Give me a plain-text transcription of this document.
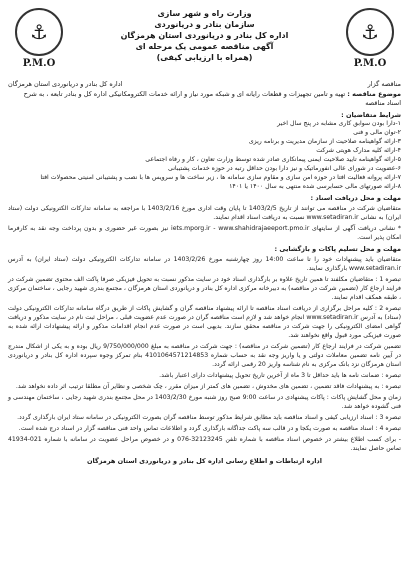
⚓
P.M.O
⚓
P.M.O
وزارت راه و شهر سازی
سازمان بنادر و دریانوردی
اداره کل بنادر و دریانوردی استان هرمزگان
آگهی مناقصه عمومی یک مرحله ای
(همراه با ارزیابی کیفی)
مناقصه گزار
اداره کل بنادر و دریانوردی استان هرمزگان
موضوع مناقصه : تهیه و تامین تجهیزات و قطعات رایانه ای و شبکه مورد نیاز و ارائه خدمات الکترومکانیکی اداره کل و بنادر تابعه ، به شرح اسناد مناقصه
شرایط متقاضیان :
۱-دارا بودن سوابق کاری مشابه در پنج سال اخیر
۲-توان مالی و فنی
۳-ارائه گواهینامه صلاحیت از سازمان مدیریت و برنامه ریزی
۴-ارائه کلیه مدارک هویتی شرکت
۵-ارائه گواهینامه تایید صلاحیت ایمنی پیمانکاری صادر شده توسط وزارت تعاون ، کار و رفاه اجتماعی
۶-عضویت در شورای عالی انفورماتیک و نیز دارا بودن حداقل رتبه در حوزه خدمات پشتیبانی
۷-ارائه پروانه فعالیت افتا در حوزه امن سازی و مقاوم سازی سامانه ها ، زیر ساخت ها و سرویس ها با نصب و پشتیبانی امنیتی محصولات افتا
۸-ارائه صورتهای مالی حسابرسی شده منتهی به سال ۱۴۰۰ یا ۱۴۰۱
مهلت و محل دریافت اسناد :
متقاضیان شرکت در مناقصه می توانند از تاریخ 1403/2/5 تا پایان وقت اداری مورخ 1403/2/16 با مراجعه به سامانه تدارکات الکترونیکی دولت (ستاد ایران) به نشانی www.setadiran.ir نسبت به دریافت اسناد اقدام نمایند.
* نشانی دریافت آگهی از سایتهای iets.mporg.ir - www.shahidrajaeeport.pmo.ir نیز بصورت غیر حضوری و بدون پرداخت وجه نقد به کارفرما امکان پذیر است.
مهلت و محل تسلیم پاکات و بازگشایی :
متقاضیان باید پیشنهادات خود را تا ساعت 14:00 روز چهارشنبه مورخ 1403/2/26 در سامانه تدارکات الکترونیکی دولت (ستاد ایران) به آدرس www.setadiran.ir بارگذاری نمایند.
تبصره 1 : متقاضیان مکلفند تا همین تاریخ علاوه بر بارگذاری اسناد خود در سایت مذکور نسبت به تحویل فیزیکی صرفا پاکت الف محتوی تضمین شرکت در فرایند ارجاع کار (تضمین شرکت در مناقصه) به دبیرخانه مرکزی اداره کل بنادر و دریانوردی استان هرمزگان ، مجتمع بندری شهید رجایی ، ساختمان مرکزی ، طبقه همکف اقدام نمایند.
تبصره 2 : کلیه مراحل برگزاری از دریافت اسناد مناقصه تا ارائه پیشنهاد مناقصه گران و گشایش پاکات از طریق درگاه سامانه تدارکات الکترونیکی دولت (ستاد) به آدرس www.setadiran.ir انجام خواهد شد و لازم است مناقصه گران در صورت عدم عضویت قبلی ، مراحل ثبت نام در سایت مذکور و دریافت گواهی امضای الکترونیکی را جهت شرکت در مناقصه محقق سازند. بدیهی است در صورت عدم انجام اقدامات مذکور و ارائه پیشنهادات ارائه شده به صورت فیزیکی مورد قبول واقع نخواهند شد.
تضمین شرکت در فرایند ارجاع کار (تضمین شرکت در مناقصه) : جهت شرکت در مناقصه به مبلغ 9/750/000/000 ریال بوده و به یکی از اشکال مندرج در آیین نامه تضمین معاملات دولتی و یا واریز وجه نقد به حساب شماره 4101064571214853 بنام تمرکز وجوه سپرده اداره کل بنادر و دریانوردی استان هرمزگان نزد بانک مرکزی به نام شناسه واریز 20 رقمی ارائه گردد.
تبصره : ضمانت نامه ها باید حداقل تا 3 ماه از آخرین تاریخ تحویل پیشنهادات دارای اعتبار باشد.
تبصره : به پیشنهادات فاقد تضمین ، تضمین های مخدوش ، تضمین های کمتر از میزان مقرر ، چک شخصی و نظایر آن مطلقا ترتیب اثر داده نخواهد شد.
زمان و محل گشایش پاکات : پاکات پیشنهادی در ساعت 9:00 صبح روز شنبه مورخ 1403/2/30 در محل مجتمع بندری شهید رجایی ، ساختمان مهندسی و فنی گشوده خواهد شد.
تبصره 3 : اسناد ارزیابی کیفی و اسناد مناقصه باید مطابق شرایط مذکور توسط مناقصه گران بصورت الکترونیکی در سامانه ستاد ایران بارگذاری گردد.
تبصره 4 : اسناد مناقصه به صورت یکجا و در قالب سه پاکت جداگانه بارگذاری گردد و اطلاعات تماس واحد فنی مناقصه گزار در اسناد درج شده است.
- برای کسب اطلاع بیشتر در خصوص اسناد مناقصه با شماره تلفن 32123245-076 و در خصوص مراحل عضویت در سامانه با شماره 021-41934 تماس حاصل نمایند.
اداره ارتباطات و اطلاع رسانی اداره کل بنادر و دریانوردی استان هرمزگان
